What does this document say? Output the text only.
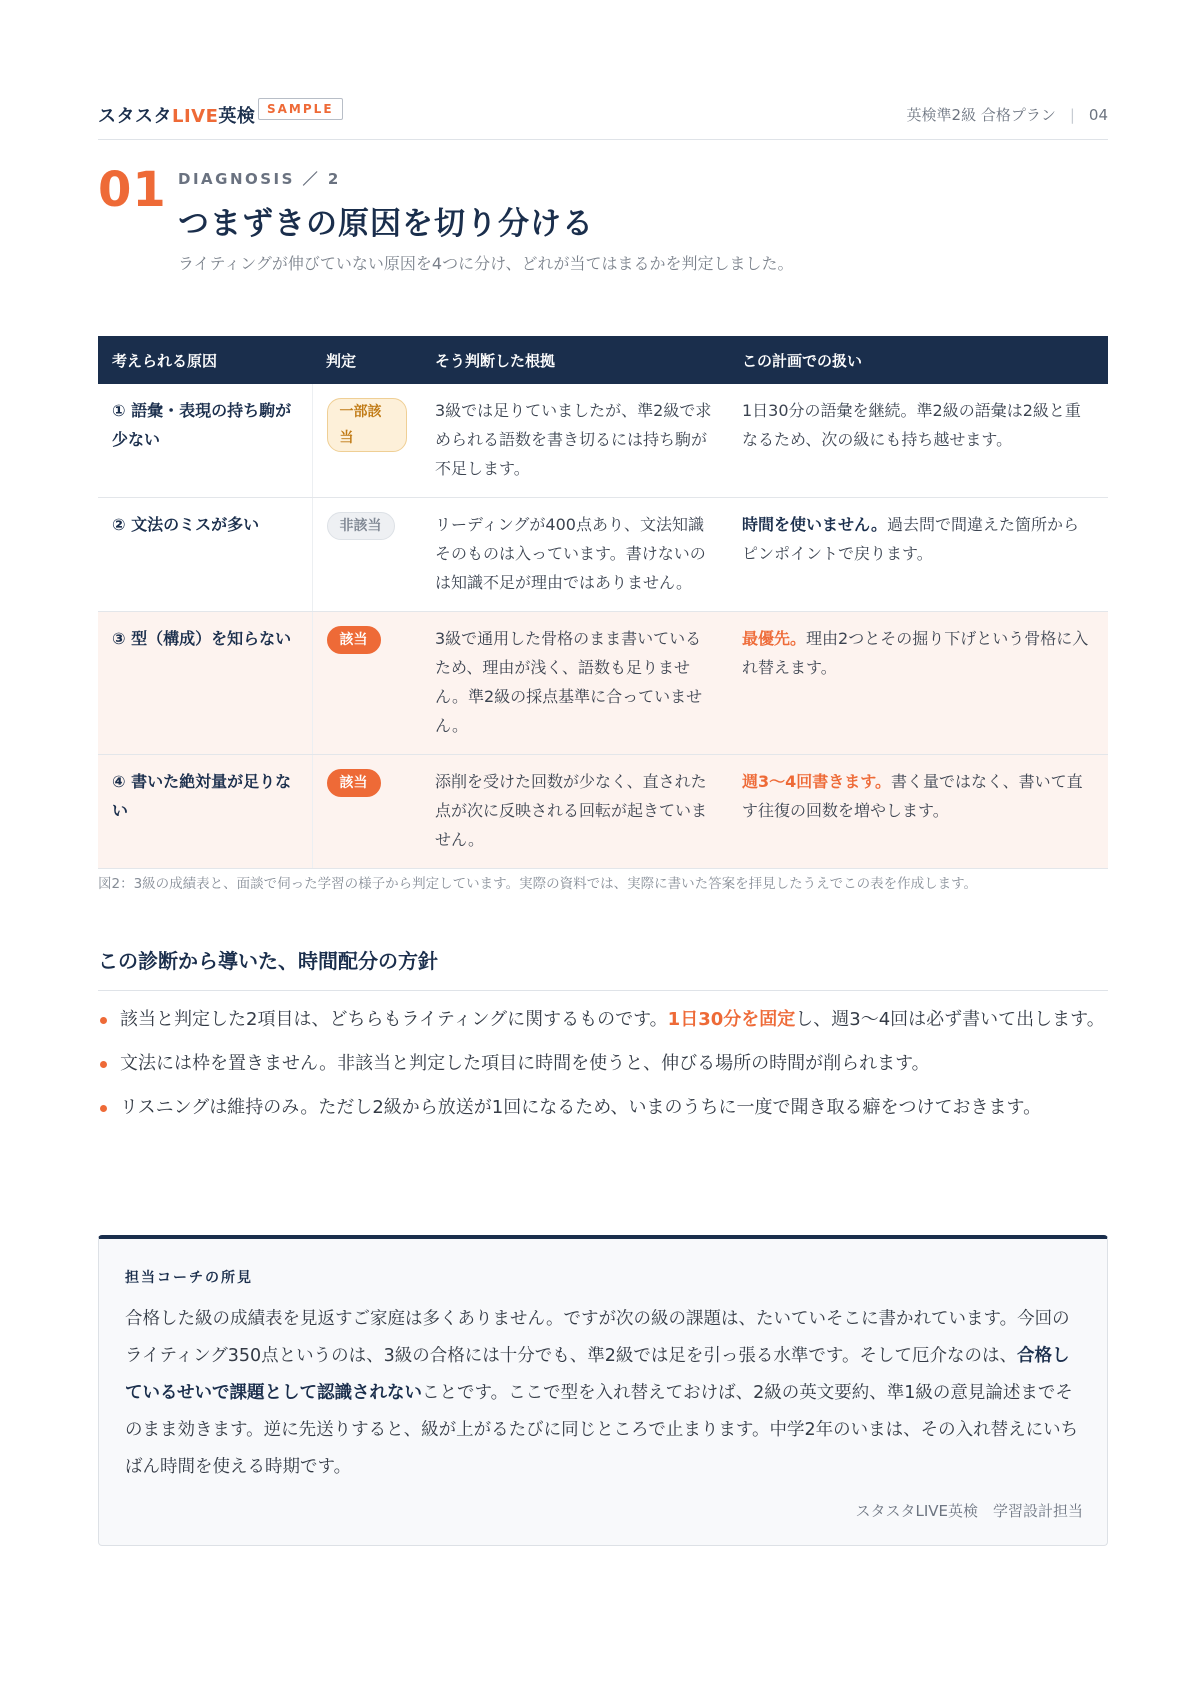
スタスタLIVE英検 SAMPLE	英検準2級 合格プラン | 04
01 DIAGNOSIS ／ 2
つまずきの原因を切り分ける
ライティングが伸びていない原因を4つに分け、どれが当てはまるかを判定しました。
考えられる原因	判定	そう判断した根拠	この計画での扱い
① 語彙・表現の持ち駒が少ない	一部該当	3級では足りていましたが、準2級で求められる語数を書き切るには持ち駒が不足します。	1日30分の語彙を継続。準2級の語彙は2級と重なるため、次の級にも持ち越せます。
② 文法のミスが多い	非該当	リーディングが400点あり、文法知識そのものは入っています。書けないのは知識不足が理由ではありません。	時間を使いません。過去問で間違えた箇所からピンポイントで戻ります。
③ 型（構成）を知らない	該当	3級で通用した骨格のまま書いているため、理由が浅く、語数も足りません。準2級の採点基準に合っていません。	最優先。理由2つとその掘り下げという骨格に入れ替えます。
④ 書いた絶対量が足りない	該当	添削を受けた回数が少なく、直された点が次に反映される回転が起きていません。	週3〜4回書きます。書く量ではなく、書いて直す往復の回数を増やします。
図2：3級の成績表と、面談で伺った学習の様子から判定しています。実際の資料では、実際に書いた答案を拝見したうえでこの表を作成します。
この診断から導いた、時間配分の方針
該当と判定した2項目は、どちらもライティングに関するものです。1日30分を固定し、週3〜4回は必ず書いて出します。
文法には枠を置きません。非該当と判定した項目に時間を使うと、伸びる場所の時間が削られます。
リスニングは維持のみ。ただし2級から放送が1回になるため、いまのうちに一度で聞き取る癖をつけておきます。
担当コーチの所見
合格した級の成績表を見返すご家庭は多くありません。ですが次の級の課題は、たいていそこに書かれています。今回のライティング350点というのは、3級の合格には十分でも、準2級では足を引っ張る水準です。そして厄介なのは、合格しているせいで課題として認識されないことです。ここで型を入れ替えておけば、2級の英文要約、準1級の意見論述までそのまま効きます。逆に先送りすると、級が上がるたびに同じところで止まります。中学2年のいまは、その入れ替えにいちばん時間を使える時期です。
スタスタLIVE英検　学習設計担当
